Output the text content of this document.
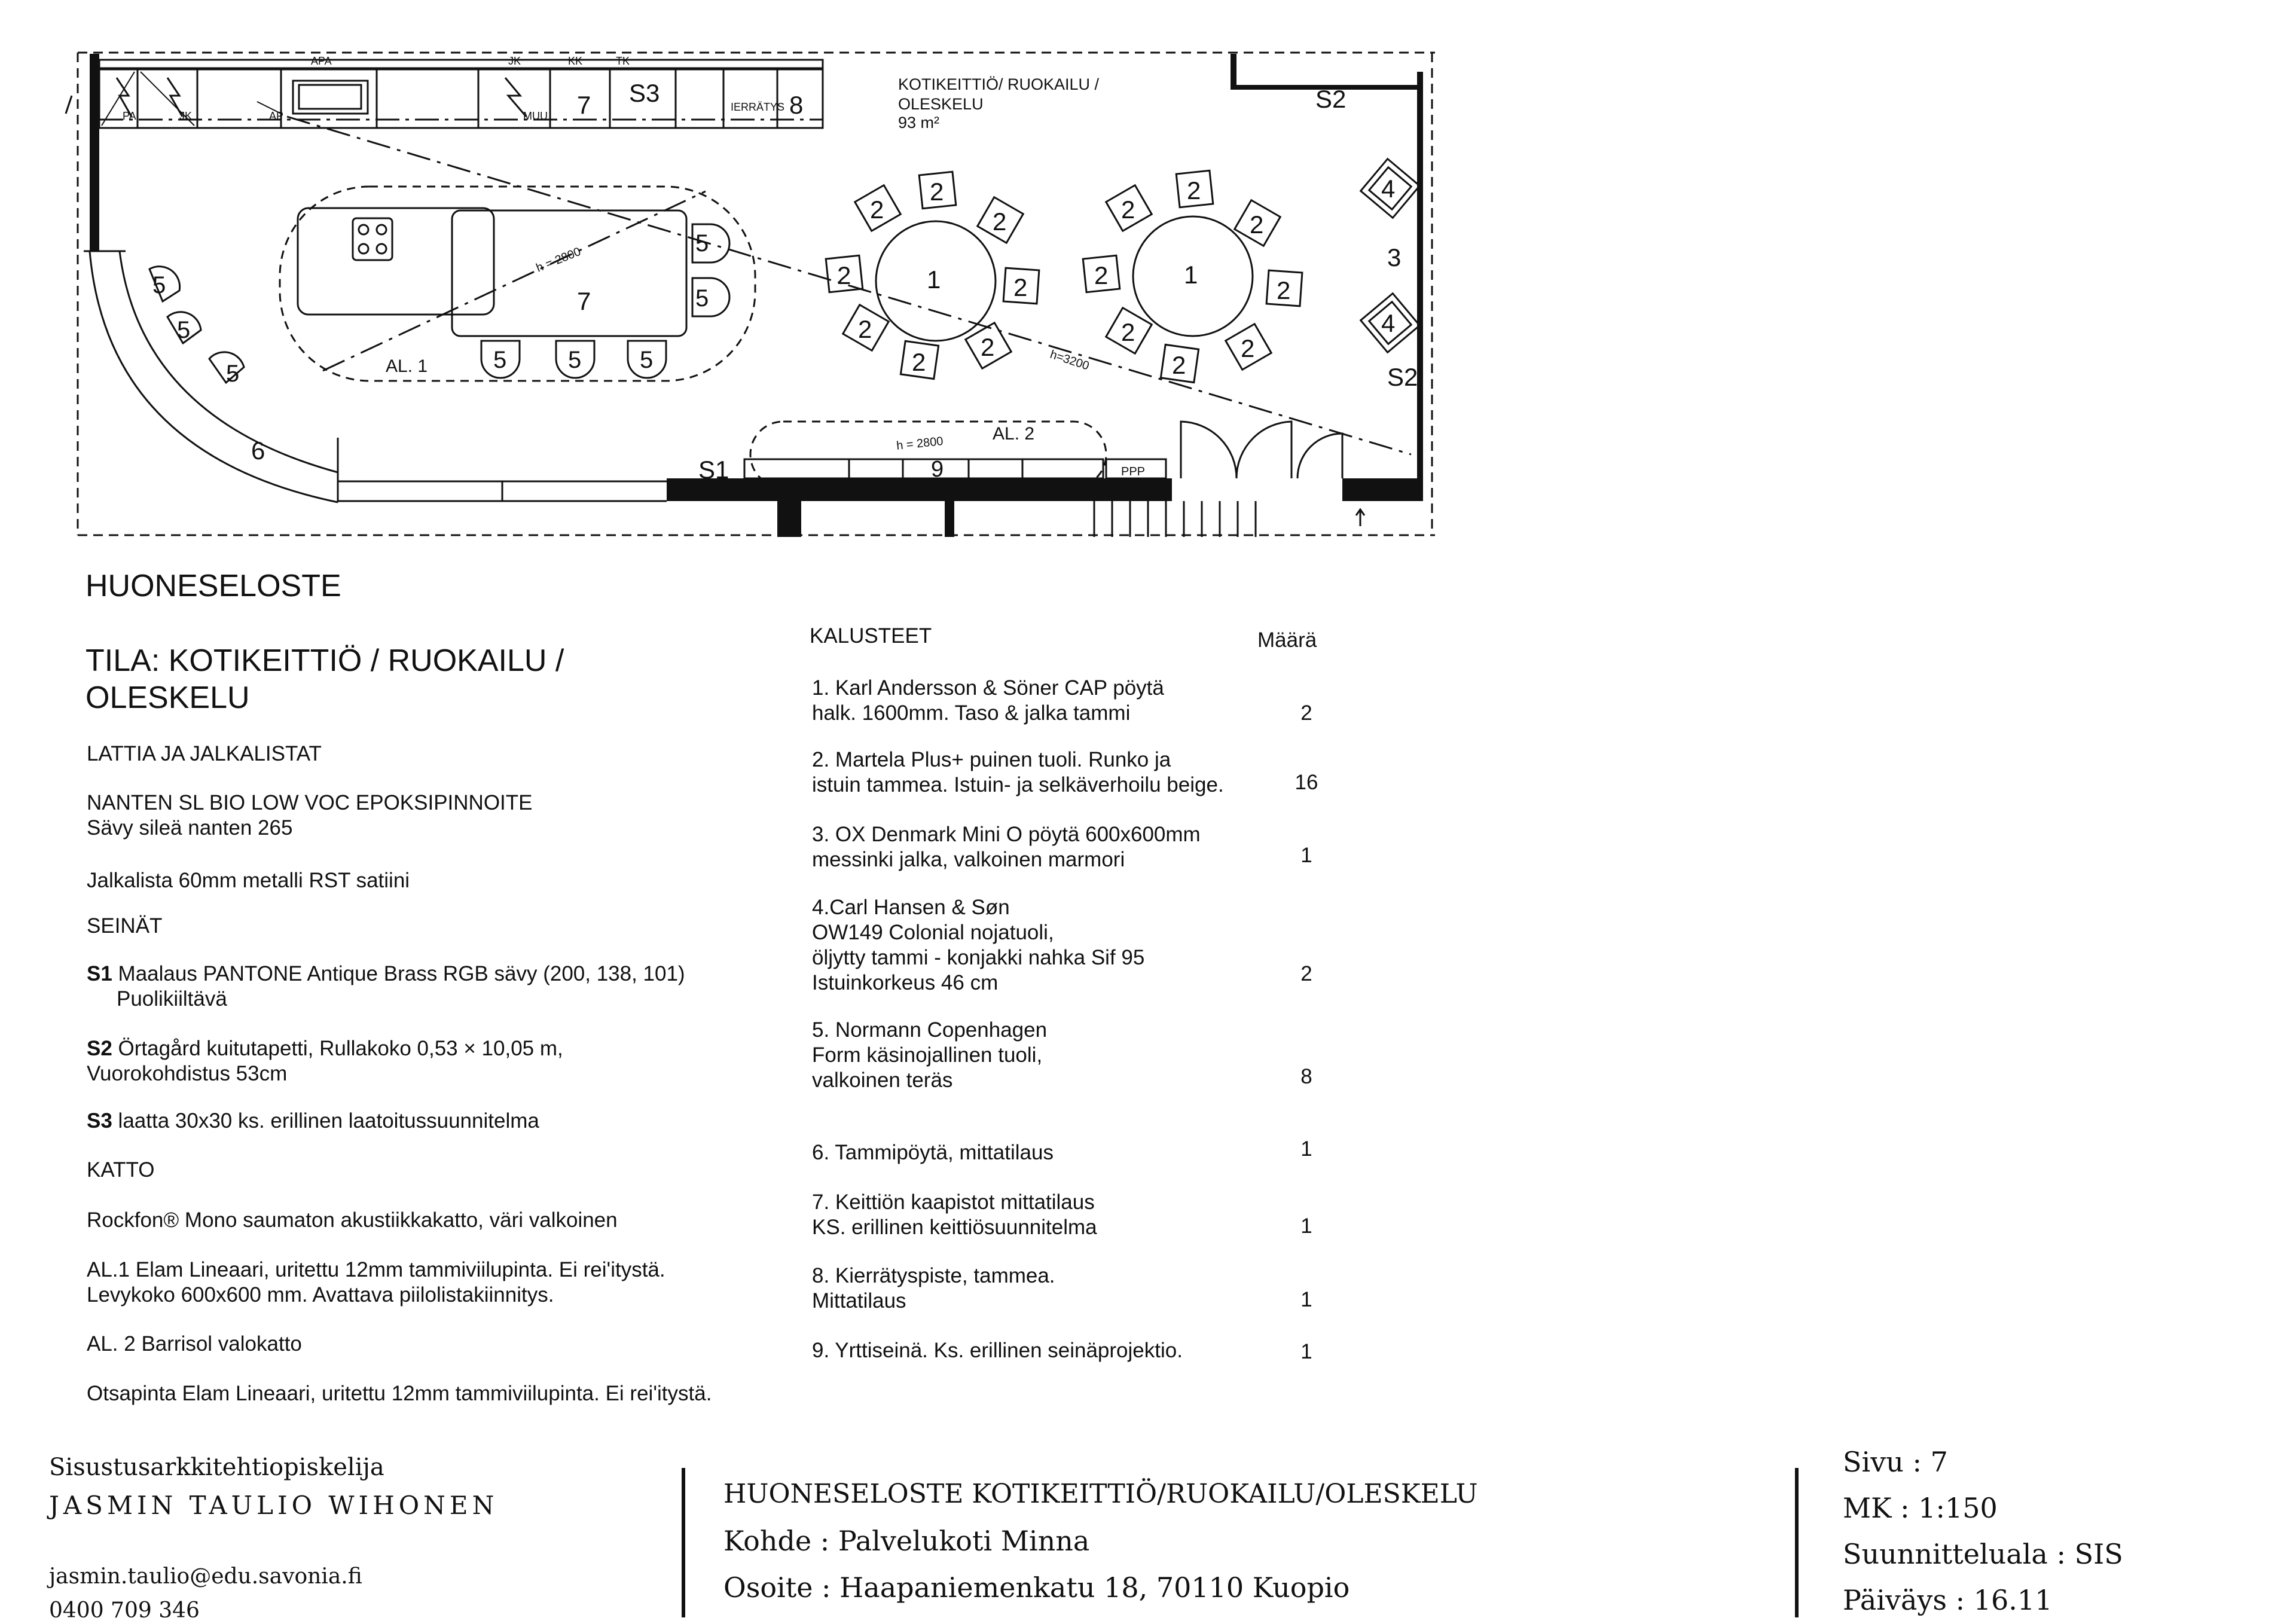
PA	JK	AP	MUU
APA	JK	KK	TK
IERRÄTYS
7	8
S3	S2
S2
S1
KOTIKEITTIÖ/ RUOKAILU /
OLESKELU
93 m²
AL. 1
h = 2800
7
5
5
5	5 5
5
5
5
6
1	1
2
2	2
2	2
2
2
2
2
2
2
2
2
2
2
2
h=3200
4
4
3
AL. 2
h = 2800
9	PPP
HUONESELOSTE
TILA: KOTIKEITTIÖ / RUOKAILU /
OLESKELU

LATTIA JA JALKALISTAT

NANTEN SL BIO LOW VOC EPOKSIPINNOITE

Sävy sileä nanten 265

Jalkalista 60mm metalli RST satiini

SEINÄT

S1 Maalaus PANTONE Antique Brass RGB sävy (200, 138, 101)

Puolikiiltävä

S2 Örtagård kuitutapetti, Rullakoko 0,53 × 10,05 m,

Vuorokohdistus 53cm

S3 laatta 30x30 ks. erillinen laatoitussuunnitelma

KATTO

Rockfon® Mono saumaton akustiikkakatto, väri valkoinen

AL.1 Elam Lineaari, uritettu 12mm tammiviilupinta. Ei rei'itystä.

Levykoko 600x600 mm. Avattava piilolistakiinnitys.

AL. 2 Barrisol valokatto

Otsapinta Elam Lineaari, uritettu 12mm tammiviilupinta. Ei rei'itystä.

KALUSTEET	Määrä

1. Karl Andersson & Söner CAP pöytä
halk. 1600mm. Taso & jalka tammi	2

2. Martela Plus+ puinen tuoli. Runko ja
istuin tammea. Istuin- ja selkäverhoilu beige.	16

3. OX Denmark Mini O pöytä 600x600mm
messinki jalka, valkoinen marmori	1

4.Carl Hansen & Søn
OW149 Colonial nojatuoli,
öljytty tammi - konjakki nahka Sif 95
Istuinkorkeus 46 cm	2

5. Normann Copenhagen
Form käsinojallinen tuoli,
valkoinen teräs	8

6. Tammipöytä, mittatilaus	1

7. Keittiön kaapistot mittatilaus
KS. erillinen keittiösuunnitelma	1

8. Kierrätyspiste, tammea.
Mittatilaus	1

9. Yrttiseinä. Ks. erillinen seinäprojektio.	1

Sisustusarkkitehtiopiskelija

JASMIN TAULIO WIHONEN

jasmin.taulio@edu.savonia.fi

0400 709 346

HUONESELOSTE KOTIKEITTIÖ/RUOKAILU/OLESKELU

Kohde : Palvelukoti Minna

Osoite : Haapaniemenkatu 18, 70110 Kuopio

Sivu : 7

MK : 1:150

Suunnitteluala : SIS

Päiväys : 16.11
